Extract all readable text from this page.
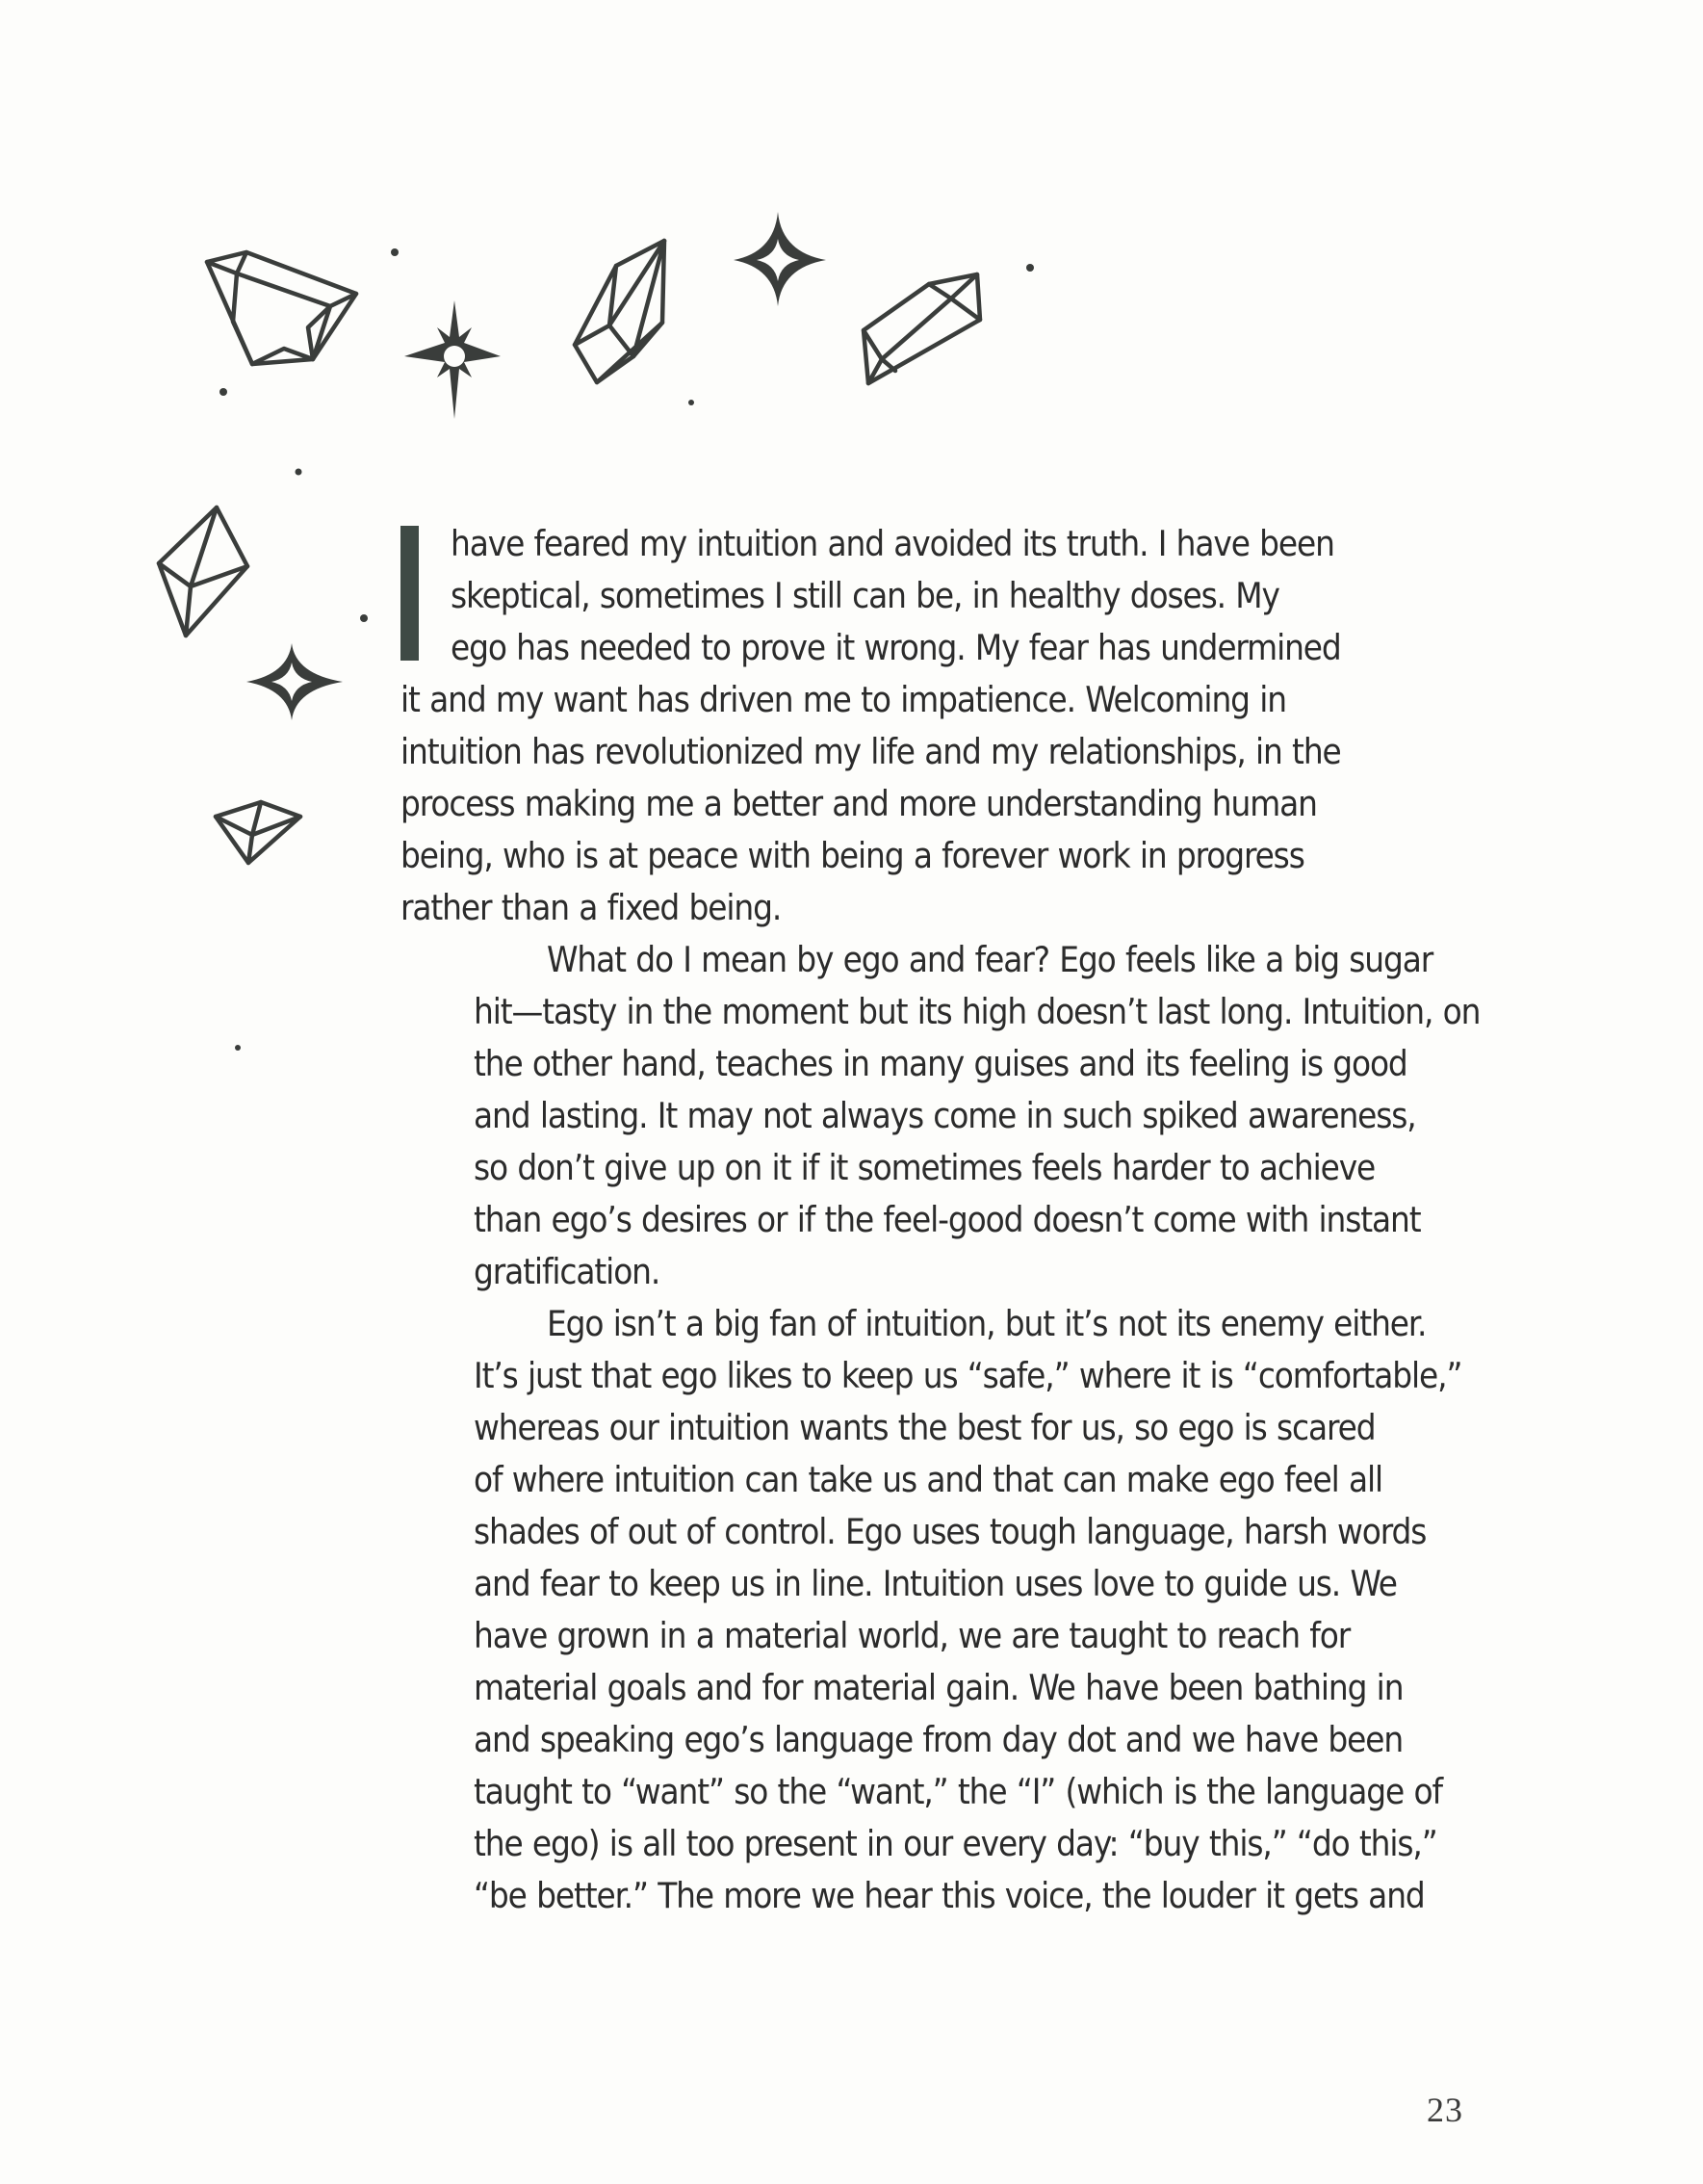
have feared my intuition and avoided its truth. I have been
skeptical, sometimes I still can be, in healthy doses. My
ego has needed to prove it wrong. My fear has undermined
it and my want has driven me to impatience. Welcoming in
intuition has revolutionized my life and my relationships, in the
process making me a better and more understanding human
being, who is at peace with being a forever work in progress
rather than a fixed being.

What do I mean by ego and fear? Ego feels like a big sugar
hit—tasty in the moment but its high doesn’t last long. Intuition, on
the other hand, teaches in many guises and its feeling is good
and lasting. It may not always come in such spiked awareness,
so don’t give up on it if it sometimes feels harder to achieve
than ego’s desires or if the feel-good doesn’t come with instant
gratification.

Ego isn’t a big fan of intuition, but it’s not its enemy either.
It’s just that ego likes to keep us “safe,” where it is “comfortable,”
whereas our intuition wants the best for us, so ego is scared
of where intuition can take us and that can make ego feel all
shades of out of control. Ego uses tough language, harsh words
and fear to keep us in line. Intuition uses love to guide us. We
have grown in a material world, we are taught to reach for
material goals and for material gain. We have been bathing in
and speaking ego’s language from day dot and we have been
taught to “want” so the “want,” the “I” (which is the language of
the ego) is all too present in our every day: “buy this,” “do this,”
“be better.” The more we hear this voice, the louder it gets and

23
